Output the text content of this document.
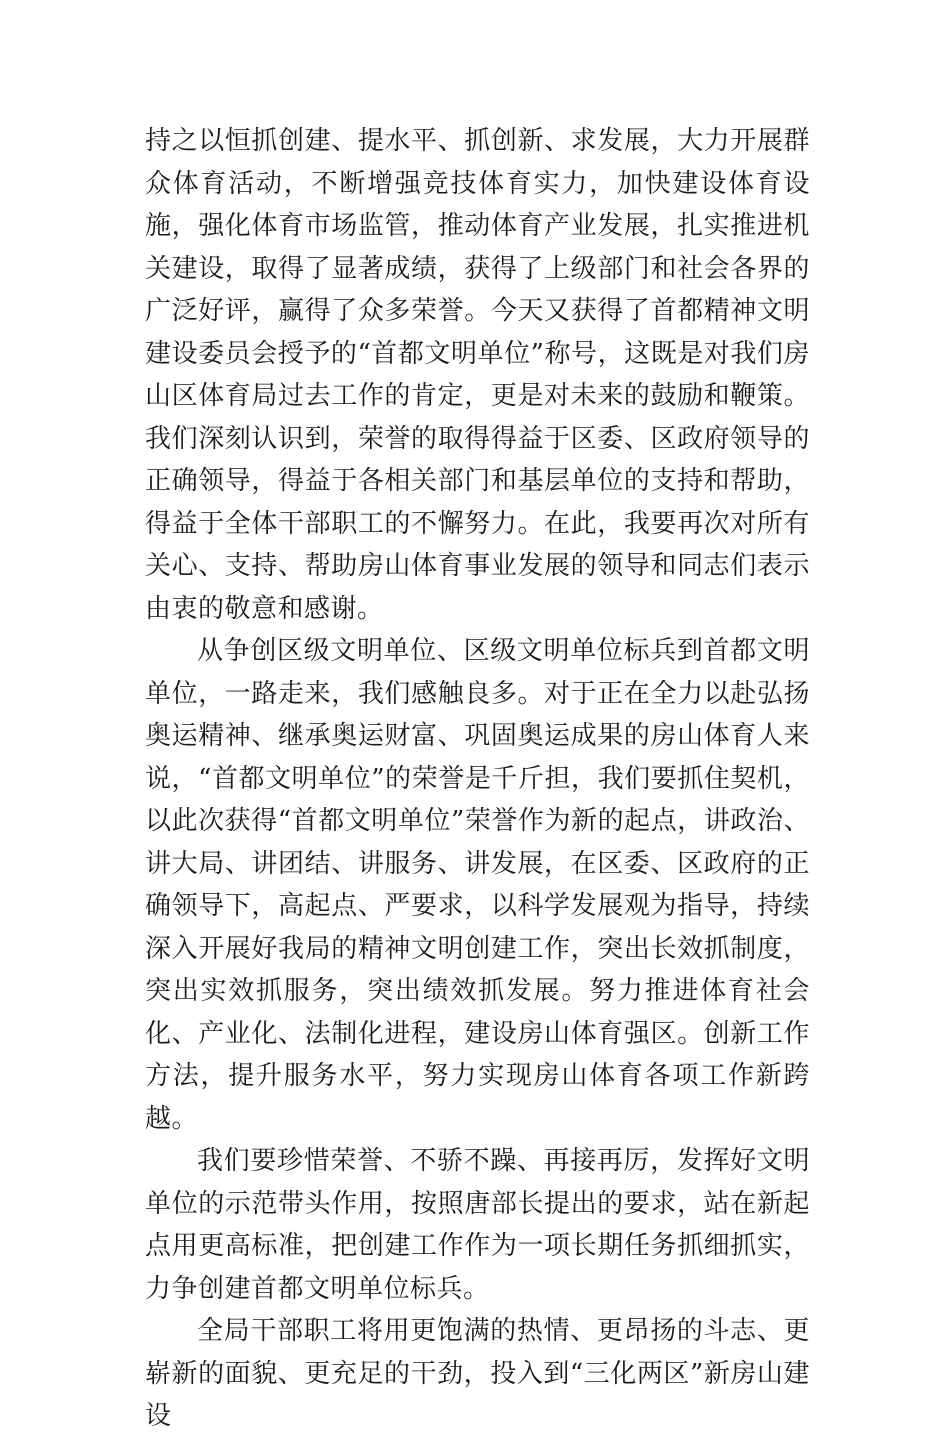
持之以恒抓创建、提水平、抓创新、求发展，大力开展群众体育活动，不断增强竞技体育实力，加快建设体育设施，强化体育市场监管，推动体育产业发展，扎实推进机关建设，取得了显著成绩，获得了上级部门和社会各界的广泛好评，赢得了众多荣誉。今天又获得了首都精神文明建设委员会授予的“首都文明单位”称号，这既是对我们房山区体育局过去工作的肯定，更是对未来的鼓励和鞭策。我们深刻认识到，荣誉的取得得益于区委、区政府领导的正确领导，得益于各相关部门和基层单位的支持和帮助，得益于全体干部职工的不懈努力。在此，我要再次对所有关心、支持、帮助房山体育事业发展的领导和同志们表示由衷的敬意和感谢。

从争创区级文明单位、区级文明单位标兵到首都文明单位，一路走来，我们感触良多。对于正在全力以赴弘扬奥运精神、继承奥运财富、巩固奥运成果的房山体育人来说，“首都文明单位”的荣誉是千斤担，我们要抓住契机，以此次获得“首都文明单位”荣誉作为新的起点，讲政治、讲大局、讲团结、讲服务、讲发展，在区委、区政府的正确领导下，高起点、严要求，以科学发展观为指导，持续深入开展好我局的精神文明创建工作，突出长效抓制度，突出实效抓服务，突出绩效抓发展。努力推进体育社会化、产业化、法制化进程，建设房山体育强区。创新工作方法，提升服务水平，努力实现房山体育各项工作新跨越。

我们要珍惜荣誉、不骄不躁、再接再厉，发挥好文明单位的示范带头作用，按照唐部长提出的要求，站在新起点用更高标准，把创建工作作为一项长期任务抓细抓实，力争创建首都文明单位标兵。

全局干部职工将用更饱满的热情、更昂扬的斗志、更崭新的面貌、更充足的干劲，投入到“三化两区”新房山建设
